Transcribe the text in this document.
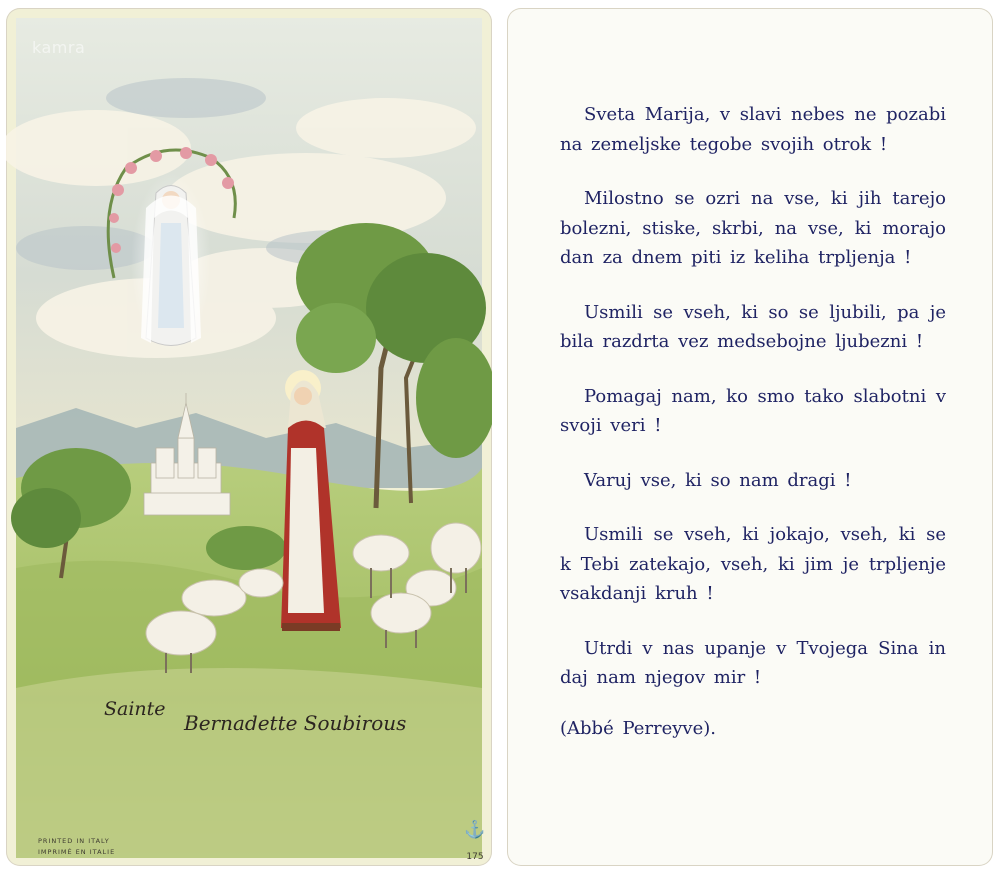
kamra
Sainte
Bernadette Soubirous
PRINTED IN ITALY
IMPRIMÉ EN ITALIE
⚓
175

Sveta Marija, v slavi nebes ne pozabi na zemeljske tegobe svojih otrok !

Milostno se ozri na vse, ki jih tarejo bolezni, stiske, skrbi, na vse, ki morajo dan za dnem piti iz keliha trpljenja !

Usmili se vseh, ki so se ljubili, pa je bila razdrta vez medsebojne ljubezni !

Pomagaj nam, ko smo tako slabotni v svoji veri !

Varuj vse, ki so nam dragi !

Usmili se vseh, ki jokajo, vseh, ki se k Tebi zatekajo, vseh, ki jim je trpljenje vsakdanji kruh !

Utrdi v nas upanje v Tvojega Sina in daj nam njegov mir !

(Abbé Perreyve).
